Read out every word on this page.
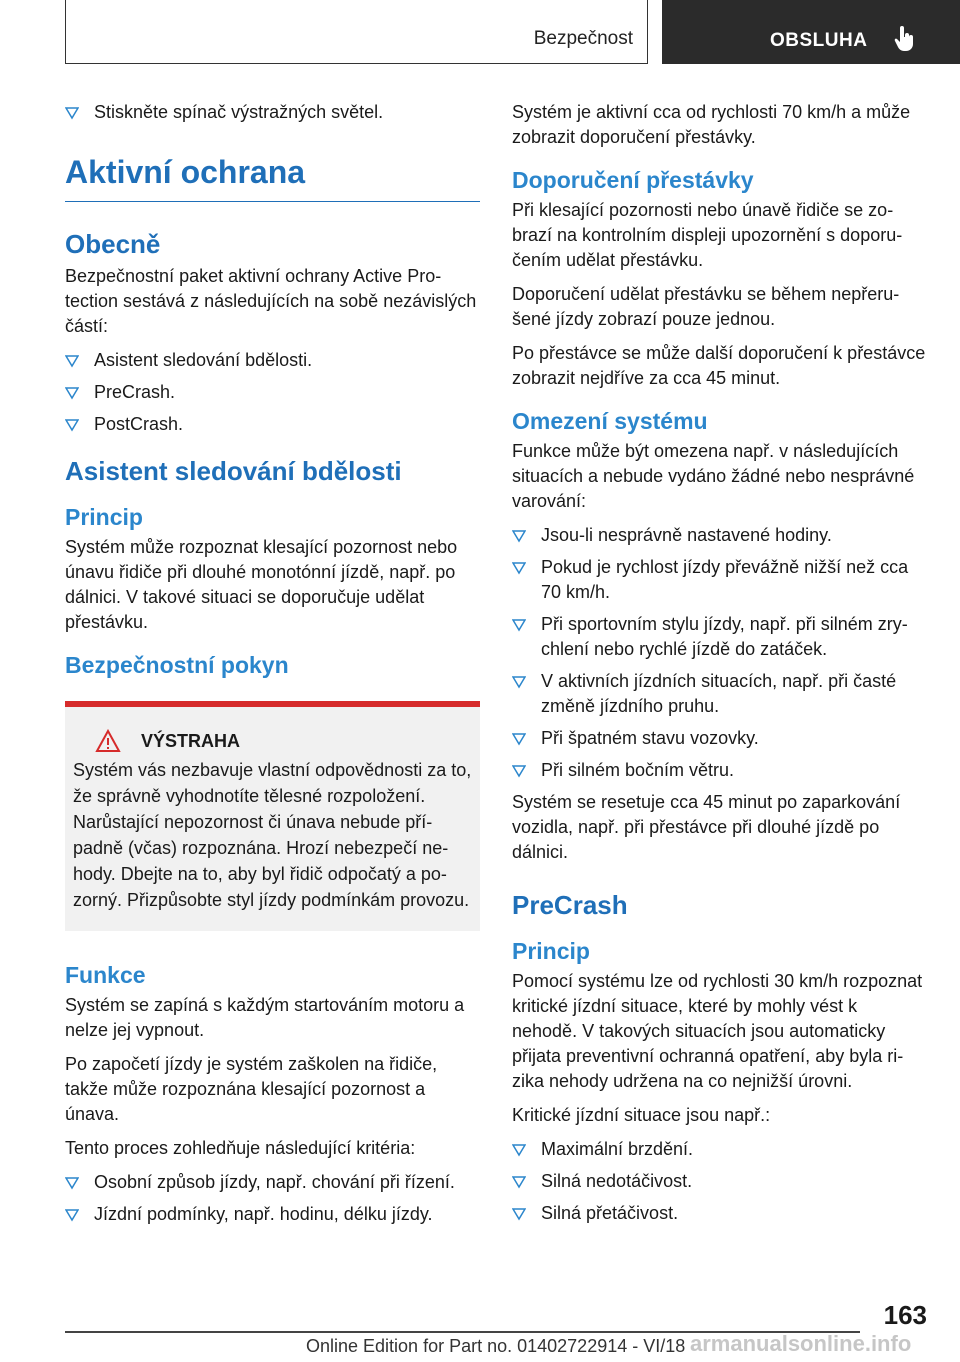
Bezpečnost	OBSLUHA
Stiskněte spínač výstražných světel.
Aktivní ochrana
Obecně

Bezpečnostní paket aktivní ochrany Active Protection sestává z následujících na sobě nezávislých částí:

Asistent sledování bdělosti.
PreCrash.
PostCrash.
Asistent sledování bdělosti
Princip

Systém může rozpoznat klesající pozornost nebo únavu řidiče při dlouhé monotónní jízdě, např. po dálnici. V takové situaci se doporučuje udělat přestávku.

Bezpečnostní pokyn
VÝSTRAHA

Systém vás nezbavuje vlastní odpovědnosti za to, že správně vyhodnotíte tělesné rozpoložení. Narůstající nepozornost či únava nebude případně (včas) rozpoznána. Hrozí nebezpečí nehody. Dbejte na to, aby byl řidič odpočatý a pozorný. Přizpůsobte styl jízdy podmínkám provozu.

Funkce

Systém se zapíná s každým startováním motoru a nelze jej vypnout.

Po započetí jízdy je systém zaškolen na řidiče, takže může rozpoznána klesající pozornost a únava.

Tento proces zohledňuje následující kritéria:

Osobní způsob jízdy, např. chování při řízení.
Jízdní podmínky, např. hodinu, délku jízdy.

Systém je aktivní cca od rychlosti 70 km/h a může zobrazit doporučení přestávky.

Doporučení přestávky

Při klesající pozornosti nebo únavě řidiče se zobrazí na kontrolním displeji upozornění s doporučením udělat přestávku.

Doporučení udělat přestávku se během nepřerušené jízdy zobrazí pouze jednou.

Po přestávce se může další doporučení k přestávce zobrazit nejdříve za cca 45 minut.

Omezení systému

Funkce může být omezena např. v následujících situacích a nebude vydáno žádné nebo nesprávné varování:

Jsou-li nesprávně nastavené hodiny.
Pokud je rychlost jízdy převážně nižší než cca 70 km/h.
Při sportovním stylu jízdy, např. při silném zrychlení nebo rychlé jízdě do zatáček.
V aktivních jízdních situacích, např. při časté změně jízdního pruhu.
Při špatném stavu vozovky.
Při silném bočním větru.

Systém se resetuje cca 45 minut po zaparkování vozidla, např. při přestávce při dlouhé jízdě po dálnici.

PreCrash
Princip

Pomocí systému lze od rychlosti 30 km/h rozpoznat kritické jízdní situace, které by mohly vést k nehodě. V takových situacích jsou automaticky přijata preventivní ochranná opatření, aby byla rizika nehody udržena na co nejnižší úrovni.

Kritické jízdní situace jsou např.:

Maximální brzdění.
Silná nedotáčivost.
Silná přetáčivost.
163
armanualsonline.info
Online Edition for Part no. 01402722914 - VI/18
